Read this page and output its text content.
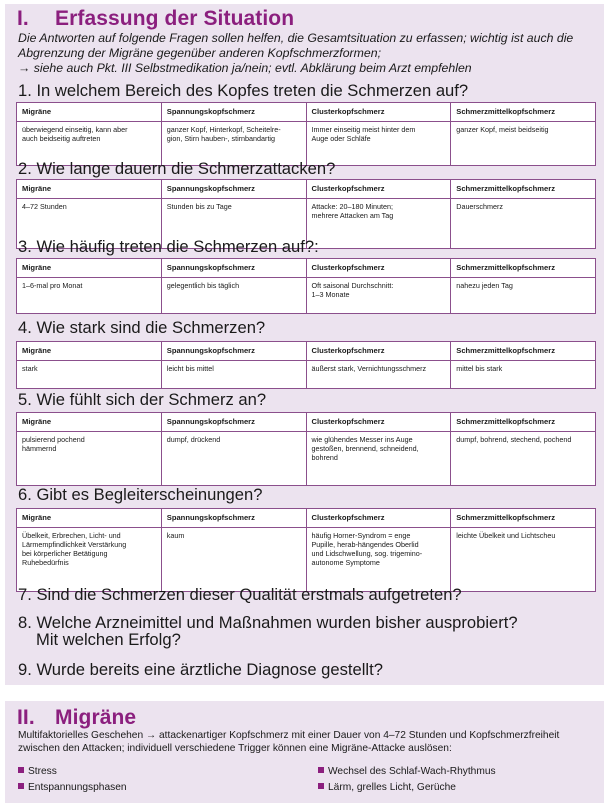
I. Erfassung der Situation
Die Antworten auf folgende Fragen sollen helfen, die Gesamtsituation zu erfassen; wichtig ist auch die
Abgrenzung der Migräne gegenüber anderen Kopfschmerzformen;
→ siehe auch Pkt. III Selbstmedikation ja/nein; evtl. Abklärung beim Arzt empfehlen
1. In welchem Bereich des Kopfes treten die Schmerzen auf?
Migräne	Spannungskopfschmerz	Clusterkopfschmerz	Schmerzmittelkopfschmerz
überwiegend einseitig, kann aber
auch beidseitig auftreten	ganzer Kopf, Hinterkopf, Scheitelre-
gion, Stirn hauben-, stirnbandartig	Immer einseitig meist hinter dem
Auge oder Schläfe	ganzer Kopf, meist beidseitig
2. Wie lange dauern die Schmerzattacken?
Migräne	Spannungskopfschmerz	Clusterkopfschmerz	Schmerzmittelkopfschmerz
4–72 Stunden	Stunden bis zu Tage	Attacke: 20–180 Minuten;
mehrere Attacken am Tag	Dauerschmerz
3. Wie häufig treten die Schmerzen auf?:
Migräne	Spannungskopfschmerz	Clusterkopfschmerz	Schmerzmittelkopfschmerz
1–6-mal pro Monat	gelegentlich bis täglich	Oft saisonal Durchschnitt:
1–3 Monate	nahezu jeden Tag
4. Wie stark sind die Schmerzen?
Migräne	Spannungskopfschmerz	Clusterkopfschmerz	Schmerzmittelkopfschmerz
stark	leicht bis mittel	äußerst stark, Vernichtungsschmerz	mittel bis stark
5. Wie fühlt sich der Schmerz an?
Migräne	Spannungskopfschmerz	Clusterkopfschmerz	Schmerzmittelkopfschmerz
pulsierend pochend
hämmernd	dumpf, drückend	wie glühendes Messer ins Auge
gestoßen, brennend, schneidend,
bohrend	dumpf, bohrend, stechend, pochend
6. Gibt es Begleiterscheinungen?
Migräne	Spannungskopfschmerz	Clusterkopfschmerz	Schmerzmittelkopfschmerz
Übelkeit, Erbrechen, Licht- und
Lärmempfindlichkeit Verstärkung
bei körperlicher Betätigung
Ruhebedürfnis	kaum	häufig Horner-Syndrom = enge
Pupille, herab-hängendes Oberlid
und Lidschwellung, sog. trigemino-
autonome Symptome	leichte Übelkeit und Lichtscheu
7. Sind die Schmerzen dieser Qualität erstmals aufgetreten?
8. Welche Arzneimittel und Maßnahmen wurden bisher ausprobiert?
Mit welchen Erfolg?
9. Wurde bereits eine ärztliche Diagnose gestellt?
II. Migräne
Multifaktorielles Geschehen → attackenartiger Kopfschmerz mit einer Dauer von 4–72 Stunden und Kopfschmerzfreiheit zwischen den Attacken; individuell verschiedene Trigger können eine Migräne-Attacke auslösen:
Stress	Wechsel des Schlaf-Wach-Rhythmus
Entspannungsphasen	Lärm, grelles Licht, Gerüche
